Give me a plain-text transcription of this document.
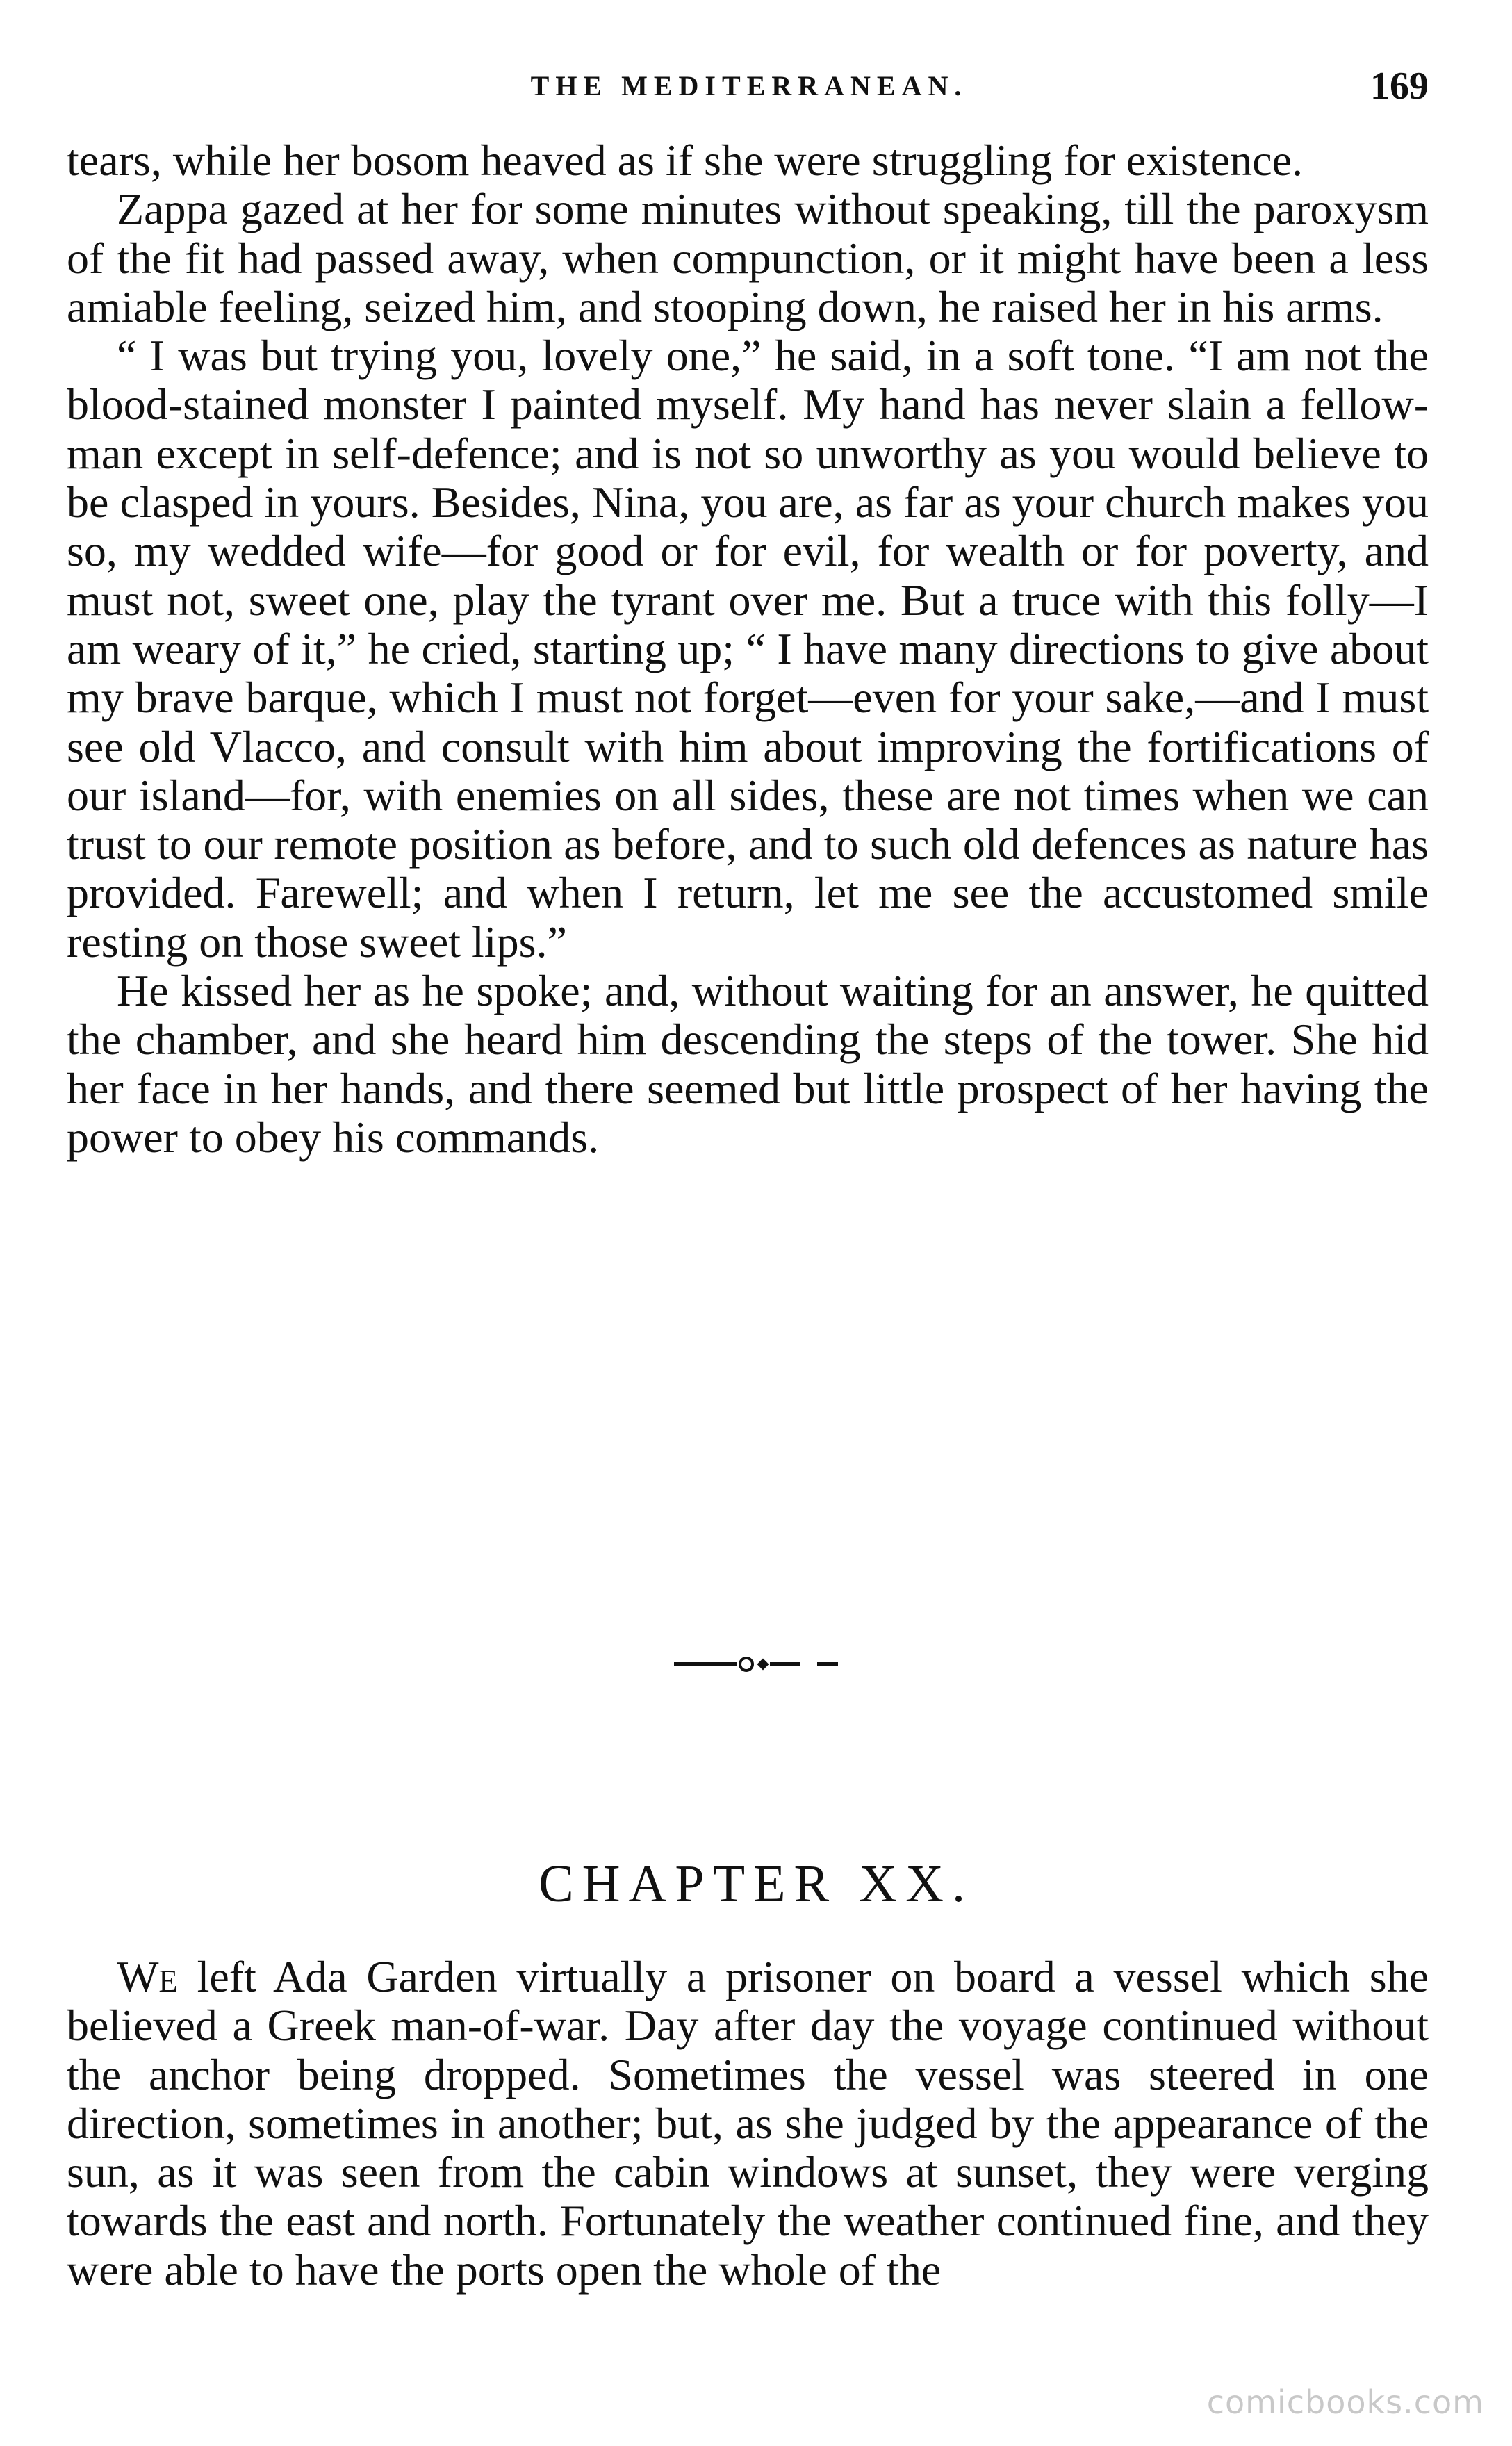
THE MEDITERRANEAN.	169

tears, while her bosom heaved as if she were struggling for existence.

Zappa gazed at her for some minutes without speaking, till the paroxysm of the fit had passed away, when compunction, or it might have been a less amiable feeling, seized him, and stooping down, he raised her in his arms.

“ I was but trying you, lovely one,” he said, in a soft tone. “I am not the blood-stained monster I painted myself. My hand has never slain a fellow-man except in self-defence; and is not so unworthy as you would believe to be clasped in yours. Besides, Nina, you are, as far as your church makes you so, my wedded wife—for good or for evil, for wealth or for poverty, and must not, sweet one, play the tyrant over me. But a truce with this folly—I am weary of it,” he cried, starting up; “ I have many directions to give about my brave barque, which I must not forget—even for your sake,—and I must see old Vlacco, and consult with him about improving the fortifications of our island—for, with enemies on all sides, these are not times when we can trust to our remote position as before, and to such old defences as nature has provided. Farewell; and when I return, let me see the accustomed smile resting on those sweet lips.”

He kissed her as he spoke; and, without waiting for an answer, he quitted the chamber, and she heard him descending the steps of the tower. She hid her face in her hands, and there seemed but little prospect of her having the power to obey his commands.

CHAPTER XX.

We left Ada Garden virtually a prisoner on board a vessel which she believed a Greek man-of-war. Day after day the voyage continued without the anchor being dropped. Sometimes the vessel was steered in one direction, sometimes in another; but, as she judged by the appearance of the sun, as it was seen from the cabin windows at sunset, they were verging towards the east and north. Fortunately the weather continued fine, and they were able to have the ports open the whole of the

comicbooks.com
